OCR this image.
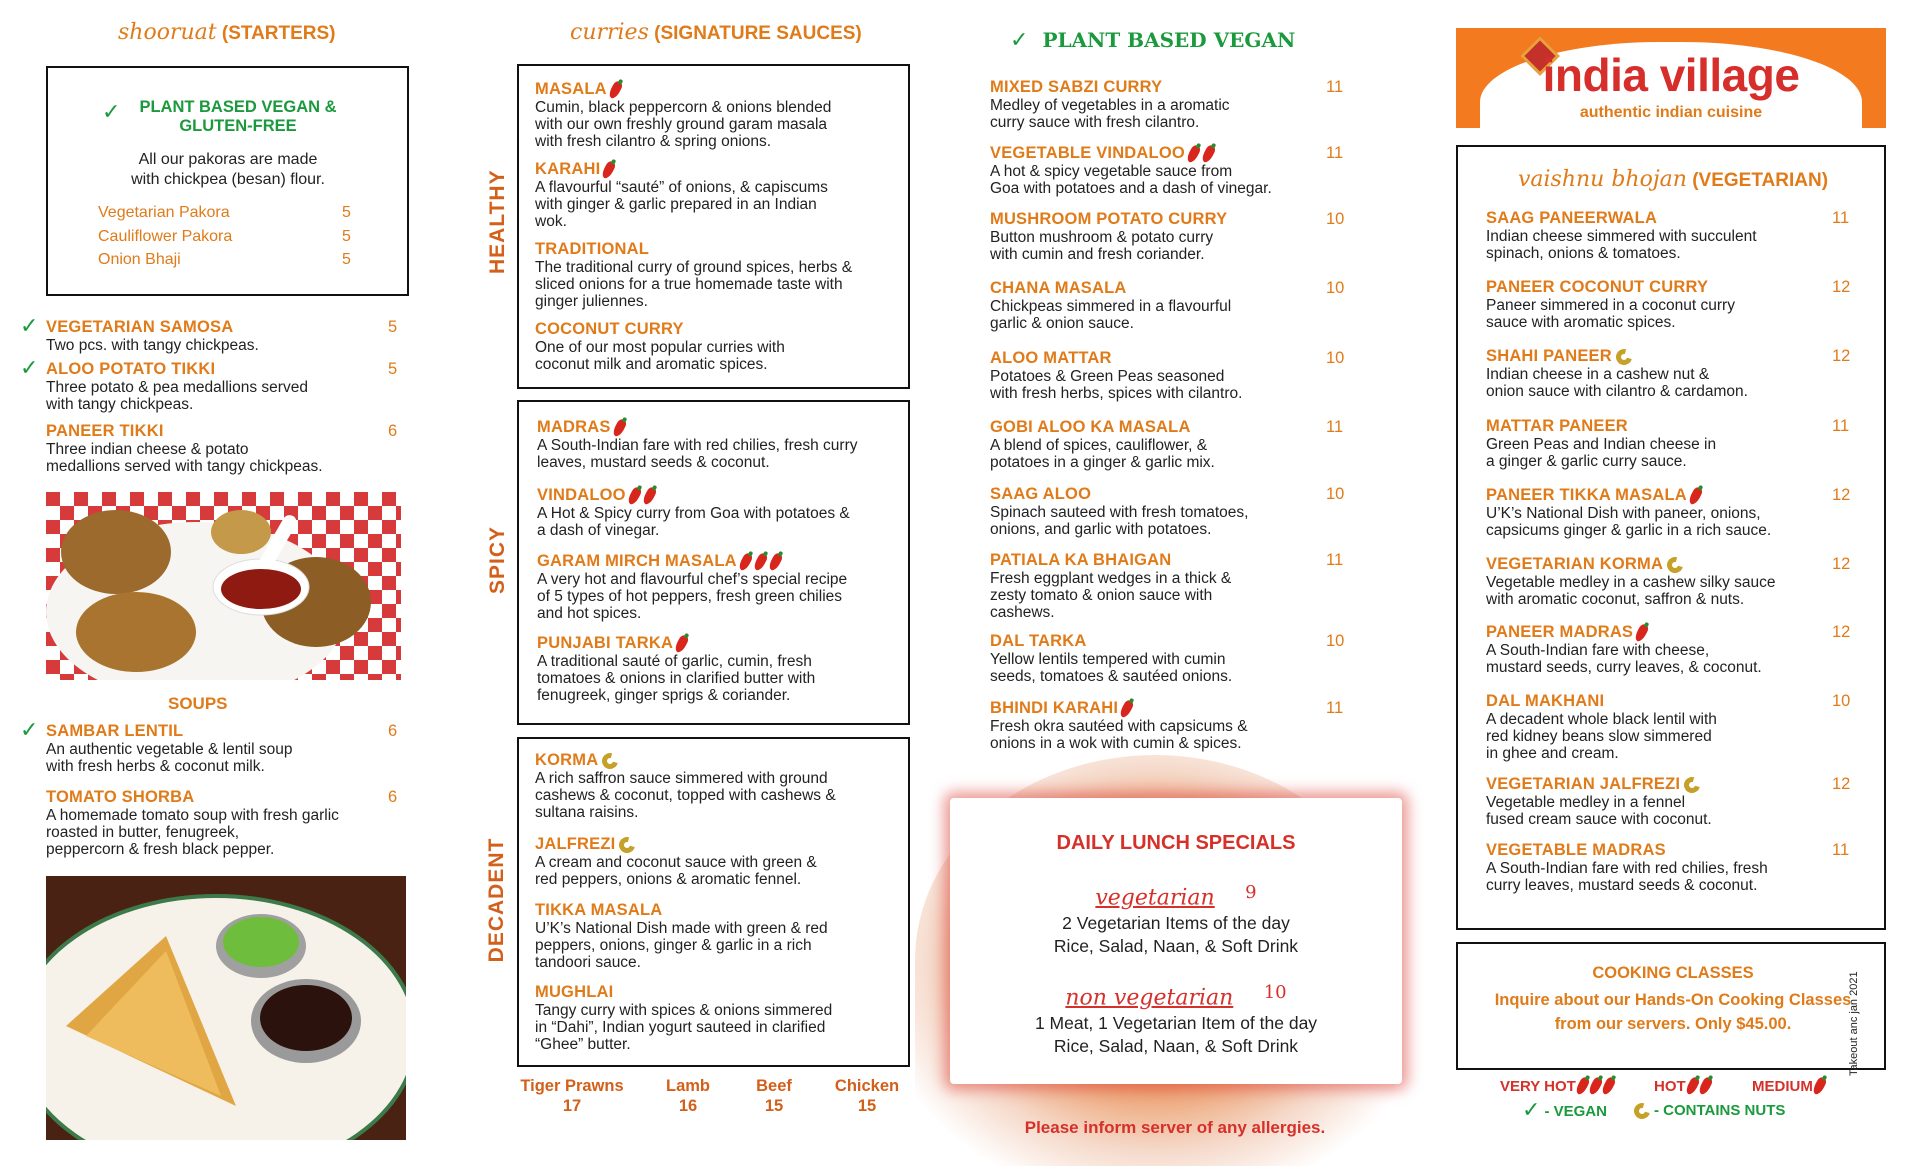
shooruat (STARTERS)
✓	PLANT BASED VEGAN &
GLUTEN-FREE
All our pakoras are made
with chickpea (besan) flour.
Vegetarian Pakora	5
Cauliflower Pakora	5
Onion Bhaji	5
✓ VEGETARIAN SAMOSA
Two pcs. with tangy chickpeas.
5
✓ ALOO POTATO TIKKI
Three potato & pea medallions served
with tangy chickpeas.
5
PANEER TIKKI
Three indian cheese & potato
medallions served with tangy chickpeas.
6
SOUPS
✓ SAMBAR LENTIL
An authentic vegetable & lentil soup
with fresh herbs & coconut milk.
6
TOMATO SHORBA
A homemade tomato soup with fresh garlic
roasted in butter, fenugreek,
peppercorn & fresh black pepper.
6
curries (SIGNATURE SAUCES)
HEALTHY
SPICY
DECADENT
MASALA
Cumin, black peppercorn & onions blended
with our own freshly ground garam masala
with fresh cilantro & spring onions.
KARAHI
A flavourful “sauté” of onions, & capiscums
with ginger & garlic prepared in an Indian
wok.
TRADITIONAL
The traditional curry of ground spices, herbs &
sliced onions for a true homemade taste with
ginger juliennes.
COCONUT CURRY
One of our most popular curries with
coconut milk and aromatic spices.
MADRAS
A South-Indian fare with red chilies, fresh curry
leaves, mustard seeds & coconut.
VINDALOO
A Hot & Spicy curry from Goa with potatoes &
a dash of vinegar.
GARAM MIRCH MASALA
A very hot and flavourful chef’s special recipe
of 5 types of hot peppers, fresh green chilies
and hot spices.
PUNJABI TARKA
A traditional sauté of garlic, cumin, fresh
tomatoes & onions in clarified butter with
fenugreek, ginger sprigs & coriander.
KORMA
A rich saffron sauce simmered with ground
cashews & coconut, topped with cashews &
sultana raisins.
JALFREZI
A cream and coconut sauce with green &
red peppers, onions & aromatic fennel.
TIKKA MASALA
U’K’s National Dish made with green & red
peppers, onions, ginger & garlic in a rich
tandoori sauce.
MUGHLAI
Tangy curry with spices & onions simmered
in “Dahi”, Indian yogurt sauteed in clarified
“Ghee” butter.
Tiger Prawns
17
Lamb
16
Beef
15
Chicken
15
✓ PLANT BASED VEGAN
MIXED SABZI CURRY
Medley of vegetables in a aromatic
curry sauce with fresh cilantro.
11
VEGETABLE VINDALOO
A hot & spicy vegetable sauce from
Goa with potatoes and a dash of vinegar.
11
MUSHROOM POTATO CURRY
Button mushroom & potato curry
with cumin and fresh coriander.
10
CHANA MASALA
Chickpeas simmered in a flavourful
garlic & onion sauce.
10
ALOO MATTAR
Potatoes & Green Peas seasoned
with fresh herbs, spices with cilantro.
10
GOBI ALOO KA MASALA
A blend of spices, cauliflower, &
potatoes in a ginger & garlic mix.
11
SAAG ALOO
Spinach sauteed with fresh tomatoes,
onions, and garlic with potatoes.
10
PATIALA KA BHAIGAN
Fresh eggplant wedges in a thick &
zesty tomato & onion sauce with
cashews.
11
DAL TARKA
Yellow lentils tempered with cumin
seeds, tomatoes & sautéed onions.
10
BHINDI KARAHI
Fresh okra sautéed with capsicums &
onions in a wok with cumin & spices.
11
DAILY LUNCH SPECIALS
vegetarian 9
2 Vegetarian Items of the day
Rice, Salad, Naan, & Soft Drink
non vegetarian 10
1 Meat, 1 Vegetarian Item of the day
Rice, Salad, Naan, & Soft Drink
Please inform server of any allergies.
india village
authentic indian cuisine
vaishnu bhojan (VEGETARIAN)
SAAG PANEERWALA
Indian cheese simmered with succulent
spinach, onions & tomatoes.
11
PANEER COCONUT CURRY
Paneer simmered in a coconut curry
sauce with aromatic spices.
12
SHAHI PANEER
Indian cheese in a cashew nut &
onion sauce with cilantro & cardamon.
12
MATTAR PANEER
Green Peas and Indian cheese in
a ginger & garlic curry sauce.
11
PANEER TIKKA MASALA
U’K’s National Dish with paneer, onions,
capsicums ginger & garlic in a rich sauce.
12
VEGETARIAN KORMA
Vegetable medley in a cashew silky sauce
with aromatic coconut, saffron & nuts.
12
PANEER MADRAS
A South-Indian fare with cheese,
mustard seeds, curry leaves, & coconut.
12
DAL MAKHANI
A decadent whole black lentil with
red kidney beans slow simmered
in ghee and cream.
10
VEGETARIAN JALFREZI
Vegetable medley in a fennel
fused cream sauce with coconut.
12
VEGETABLE MADRAS
A South-Indian fare with red chilies, fresh
curry leaves, mustard seeds & coconut.
11
COOKING CLASSES
Inquire about our Hands-On Cooking Classes
from our servers. Only $45.00.
VERY HOT	HOT	MEDIUM
✓ - VEGAN	- CONTAINS NUTS
Takeout anc jan 2021
